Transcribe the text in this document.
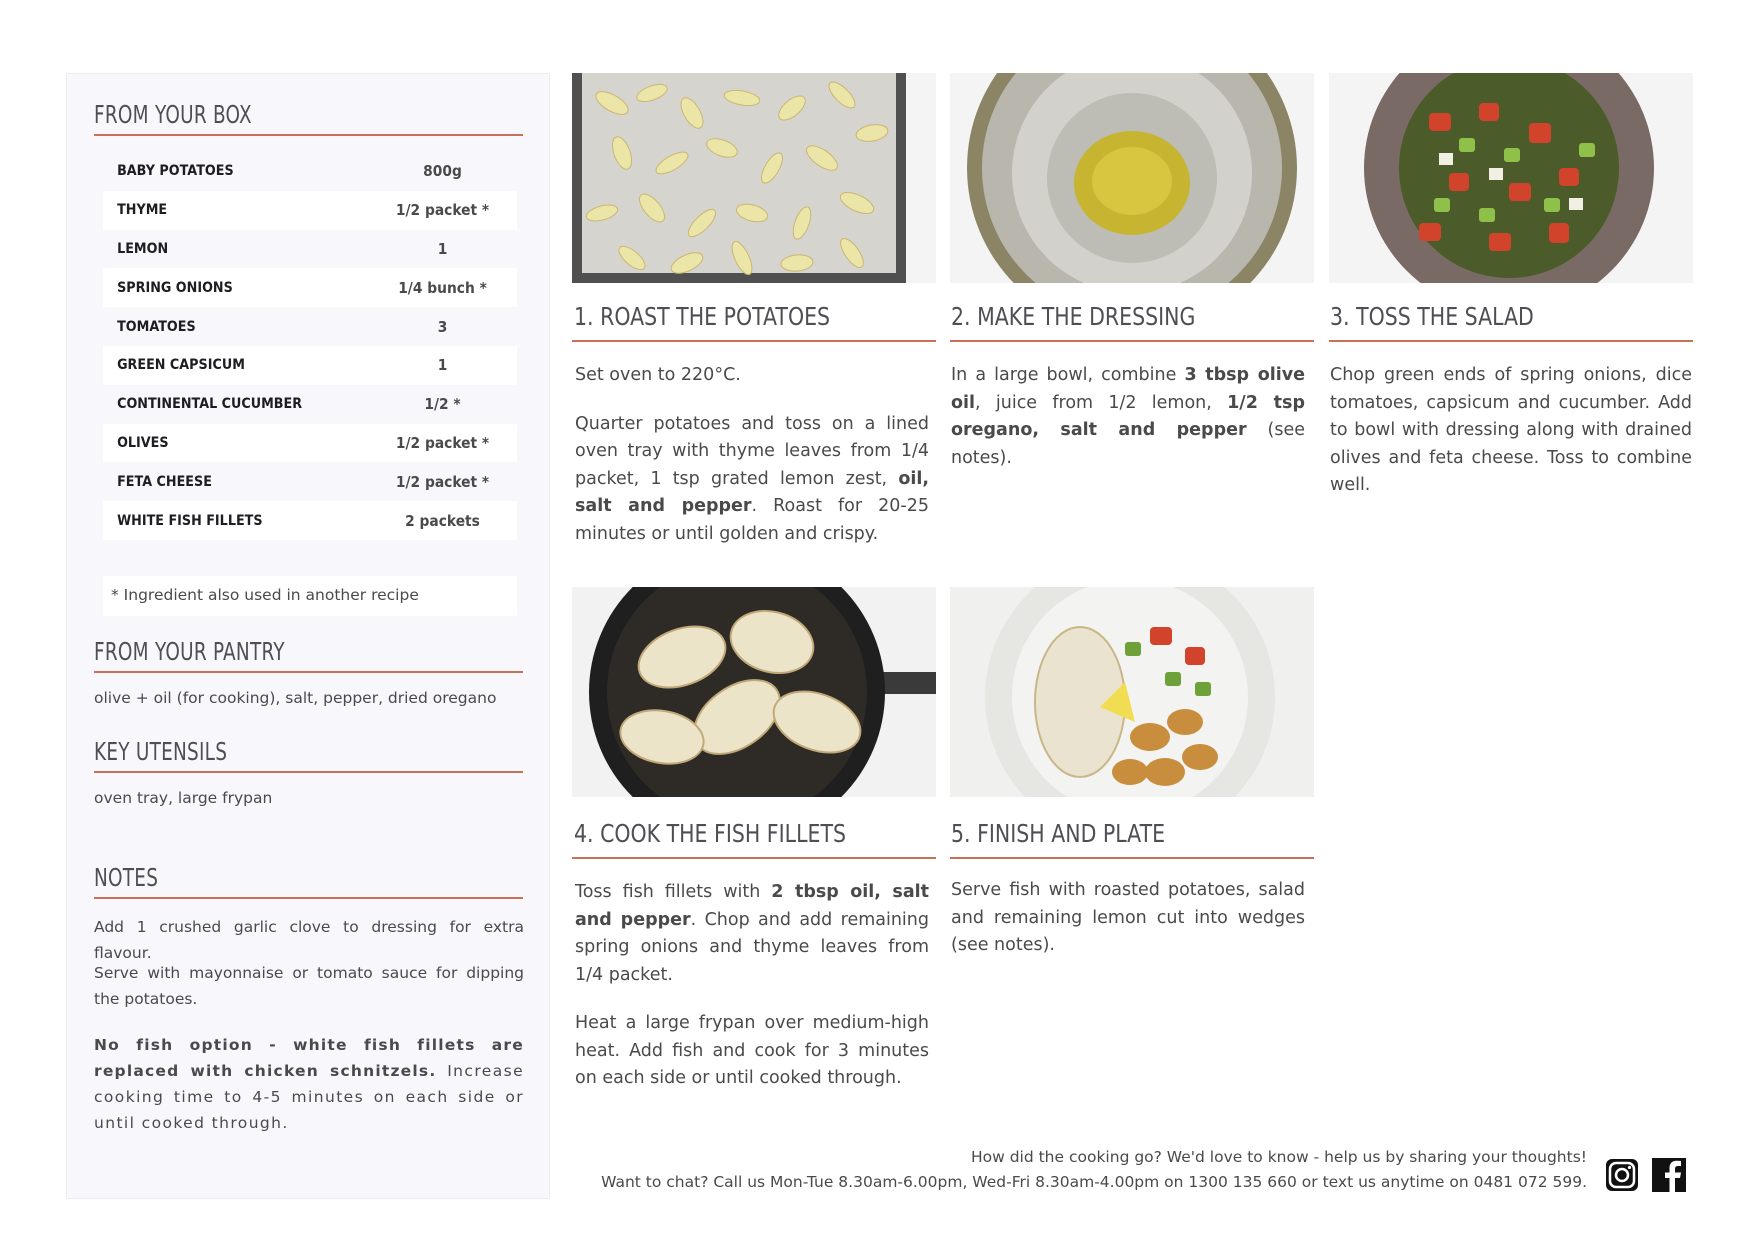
FROM YOUR BOX
BABY POTATOES	800g
THYME	1/2 packet *
LEMON	1
SPRING ONIONS	1/4 bunch *
TOMATOES	3
GREEN CAPSICUM	1
CONTINENTAL CUCUMBER	1/2 *
OLIVES	1/2 packet *
FETA CHEESE	1/2 packet *
WHITE FISH FILLETS	2 packets
* Ingredient also used in another recipe
FROM YOUR PANTRY
olive + oil (for cooking), salt, pepper, dried oregano
KEY UTENSILS
oven tray, large frypan
NOTES
Add 1 crushed garlic clove to dressing for extra flavour.
Serve with mayonnaise or tomato sauce for dipping the potatoes.
No fish option - white fish fillets are replaced with chicken schnitzels. Increase cooking time to 4-5 minutes on each side or until cooked through.
1. ROAST THE POTATOES

Set oven to 220°C.

Quarter potatoes and toss on a lined oven tray with thyme leaves from 1/4 packet, 1 tsp grated lemon zest, oil, salt and pepper. Roast for 20-25 minutes or until golden and crispy.

2. MAKE THE DRESSING

In a large bowl, combine 3 tbsp olive oil, juice from 1/2 lemon, 1/2 tsp oregano, salt and pepper (see notes).

3. TOSS THE SALAD

Chop green ends of spring onions, dice tomatoes, capsicum and cucumber. Add to bowl with dressing along with drained olives and feta cheese. Toss to combine well.

4. COOK THE FISH FILLETS

Toss fish fillets with 2 tbsp oil, salt and pepper. Chop and add remaining spring onions and thyme leaves from 1/4 packet.

Heat a large frypan over medium-high heat. Add fish and cook for 3 minutes on each side or until cooked through.

5. FINISH AND PLATE

Serve fish with roasted potatoes, salad and remaining lemon cut into wedges (see notes).

How did the cooking go? We'd love to know - help us by sharing your thoughts!
Want to chat? Call us Mon-Tue 8.30am-6.00pm, Wed-Fri 8.30am-4.00pm on 1300 135 660 or text us anytime on 0481 072 599.
